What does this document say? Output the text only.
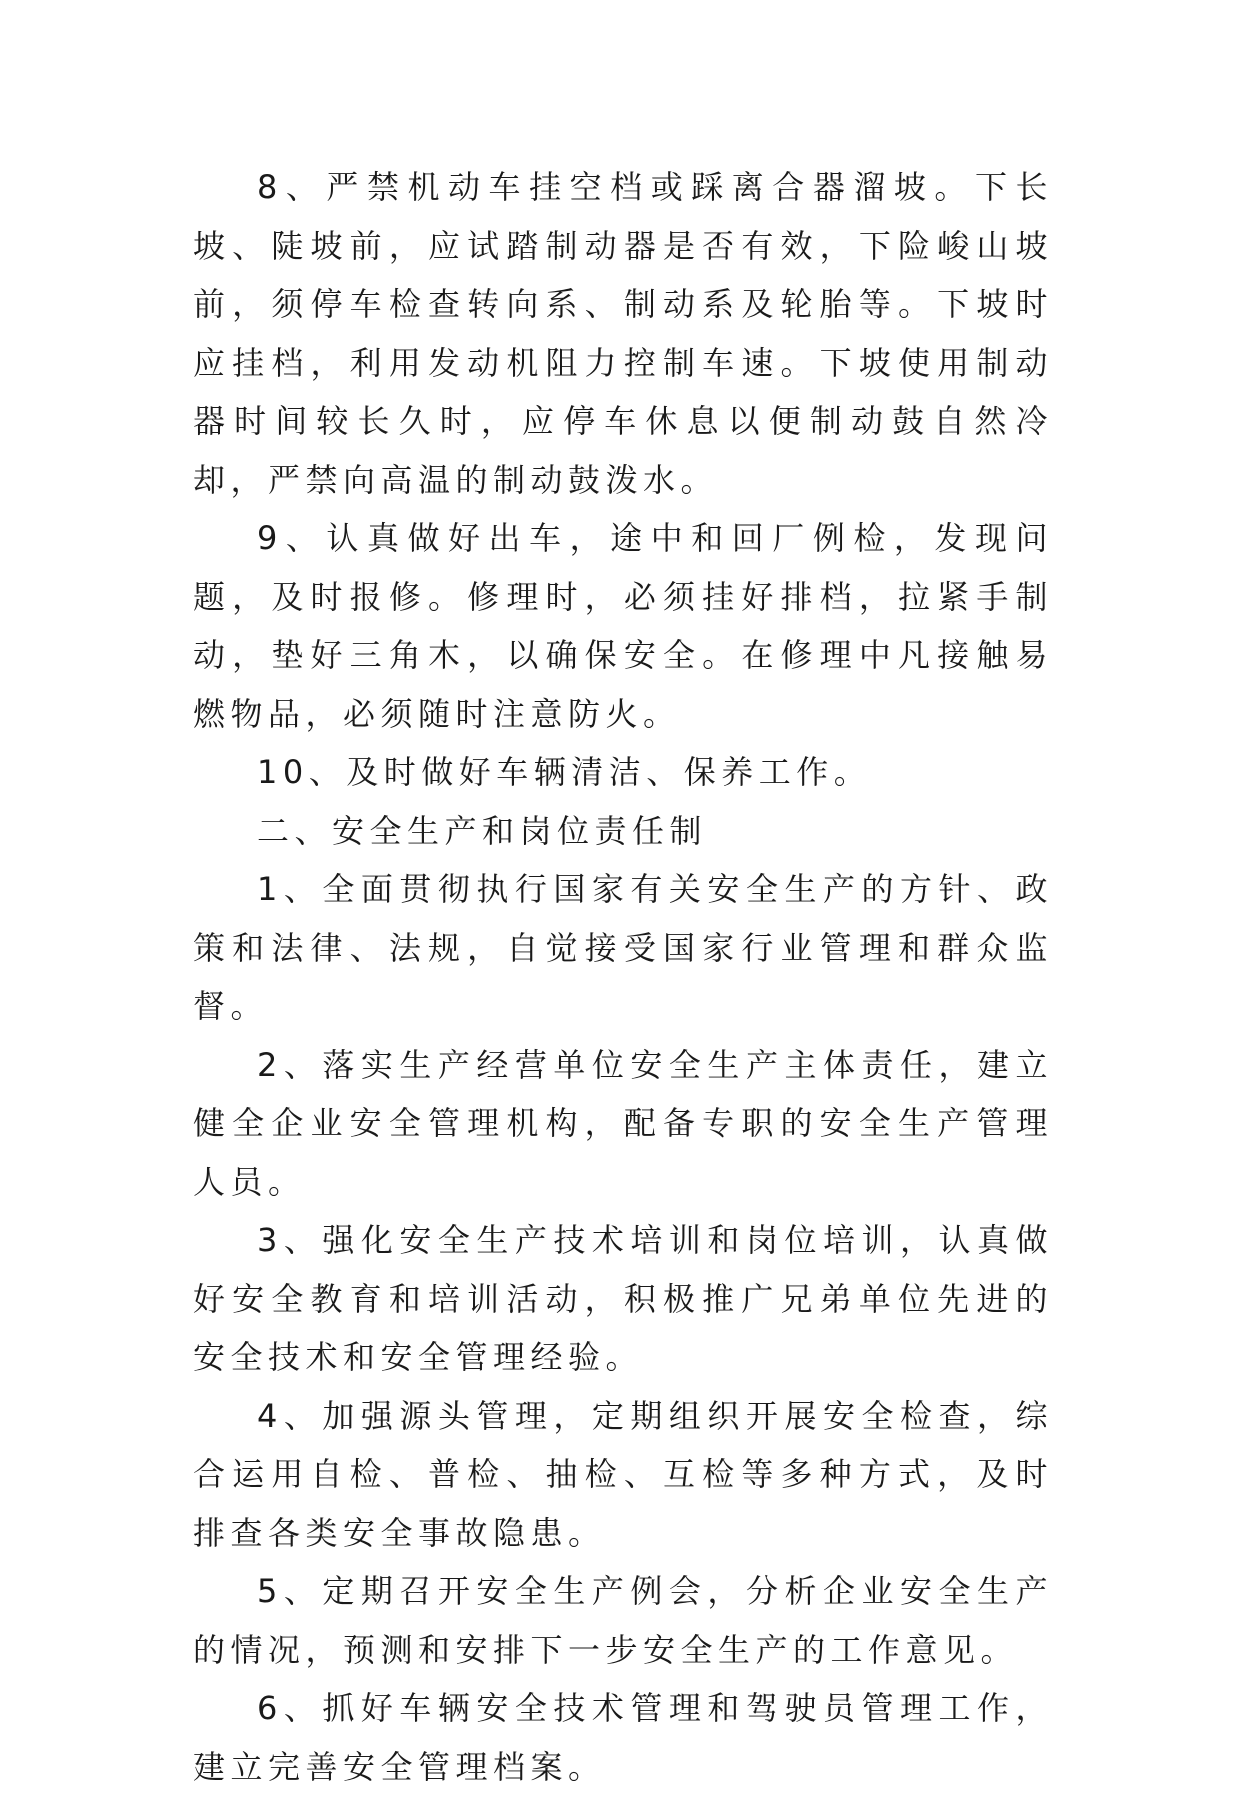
8、严禁机动车挂空档或踩离合器溜坡。下长坡、陡坡前，应试踏制动器是否有效，下险峻山坡前，须停车检查转向系、制动系及轮胎等。下坡时应挂档，利用发动机阻力控制车速。下坡使用制动器时间较长久时，应停车休息以便制动鼓自然冷却，严禁向高温的制动鼓泼水。

9、认真做好出车，途中和回厂例检，发现问题，及时报修。修理时，必须挂好排档，拉紧手制动，垫好三角木，以确保安全。在修理中凡接触易燃物品，必须随时注意防火。

10、及时做好车辆清洁、保养工作。

二、安全生产和岗位责任制

1、全面贯彻执行国家有关安全生产的方针、政策和法律、法规，自觉接受国家行业管理和群众监督。

2、落实生产经营单位安全生产主体责任，建立健全企业安全管理机构，配备专职的安全生产管理人员。

3、强化安全生产技术培训和岗位培训，认真做好安全教育和培训活动，积极推广兄弟单位先进的安全技术和安全管理经验。

4、加强源头管理，定期组织开展安全检查，综合运用自检、普检、抽检、互检等多种方式，及时排查各类安全事故隐患。

5、定期召开安全生产例会，分析企业安全生产的情况，预测和安排下一步安全生产的工作意见。

6、抓好车辆安全技术管理和驾驶员管理工作，建立完善安全管理档案。
